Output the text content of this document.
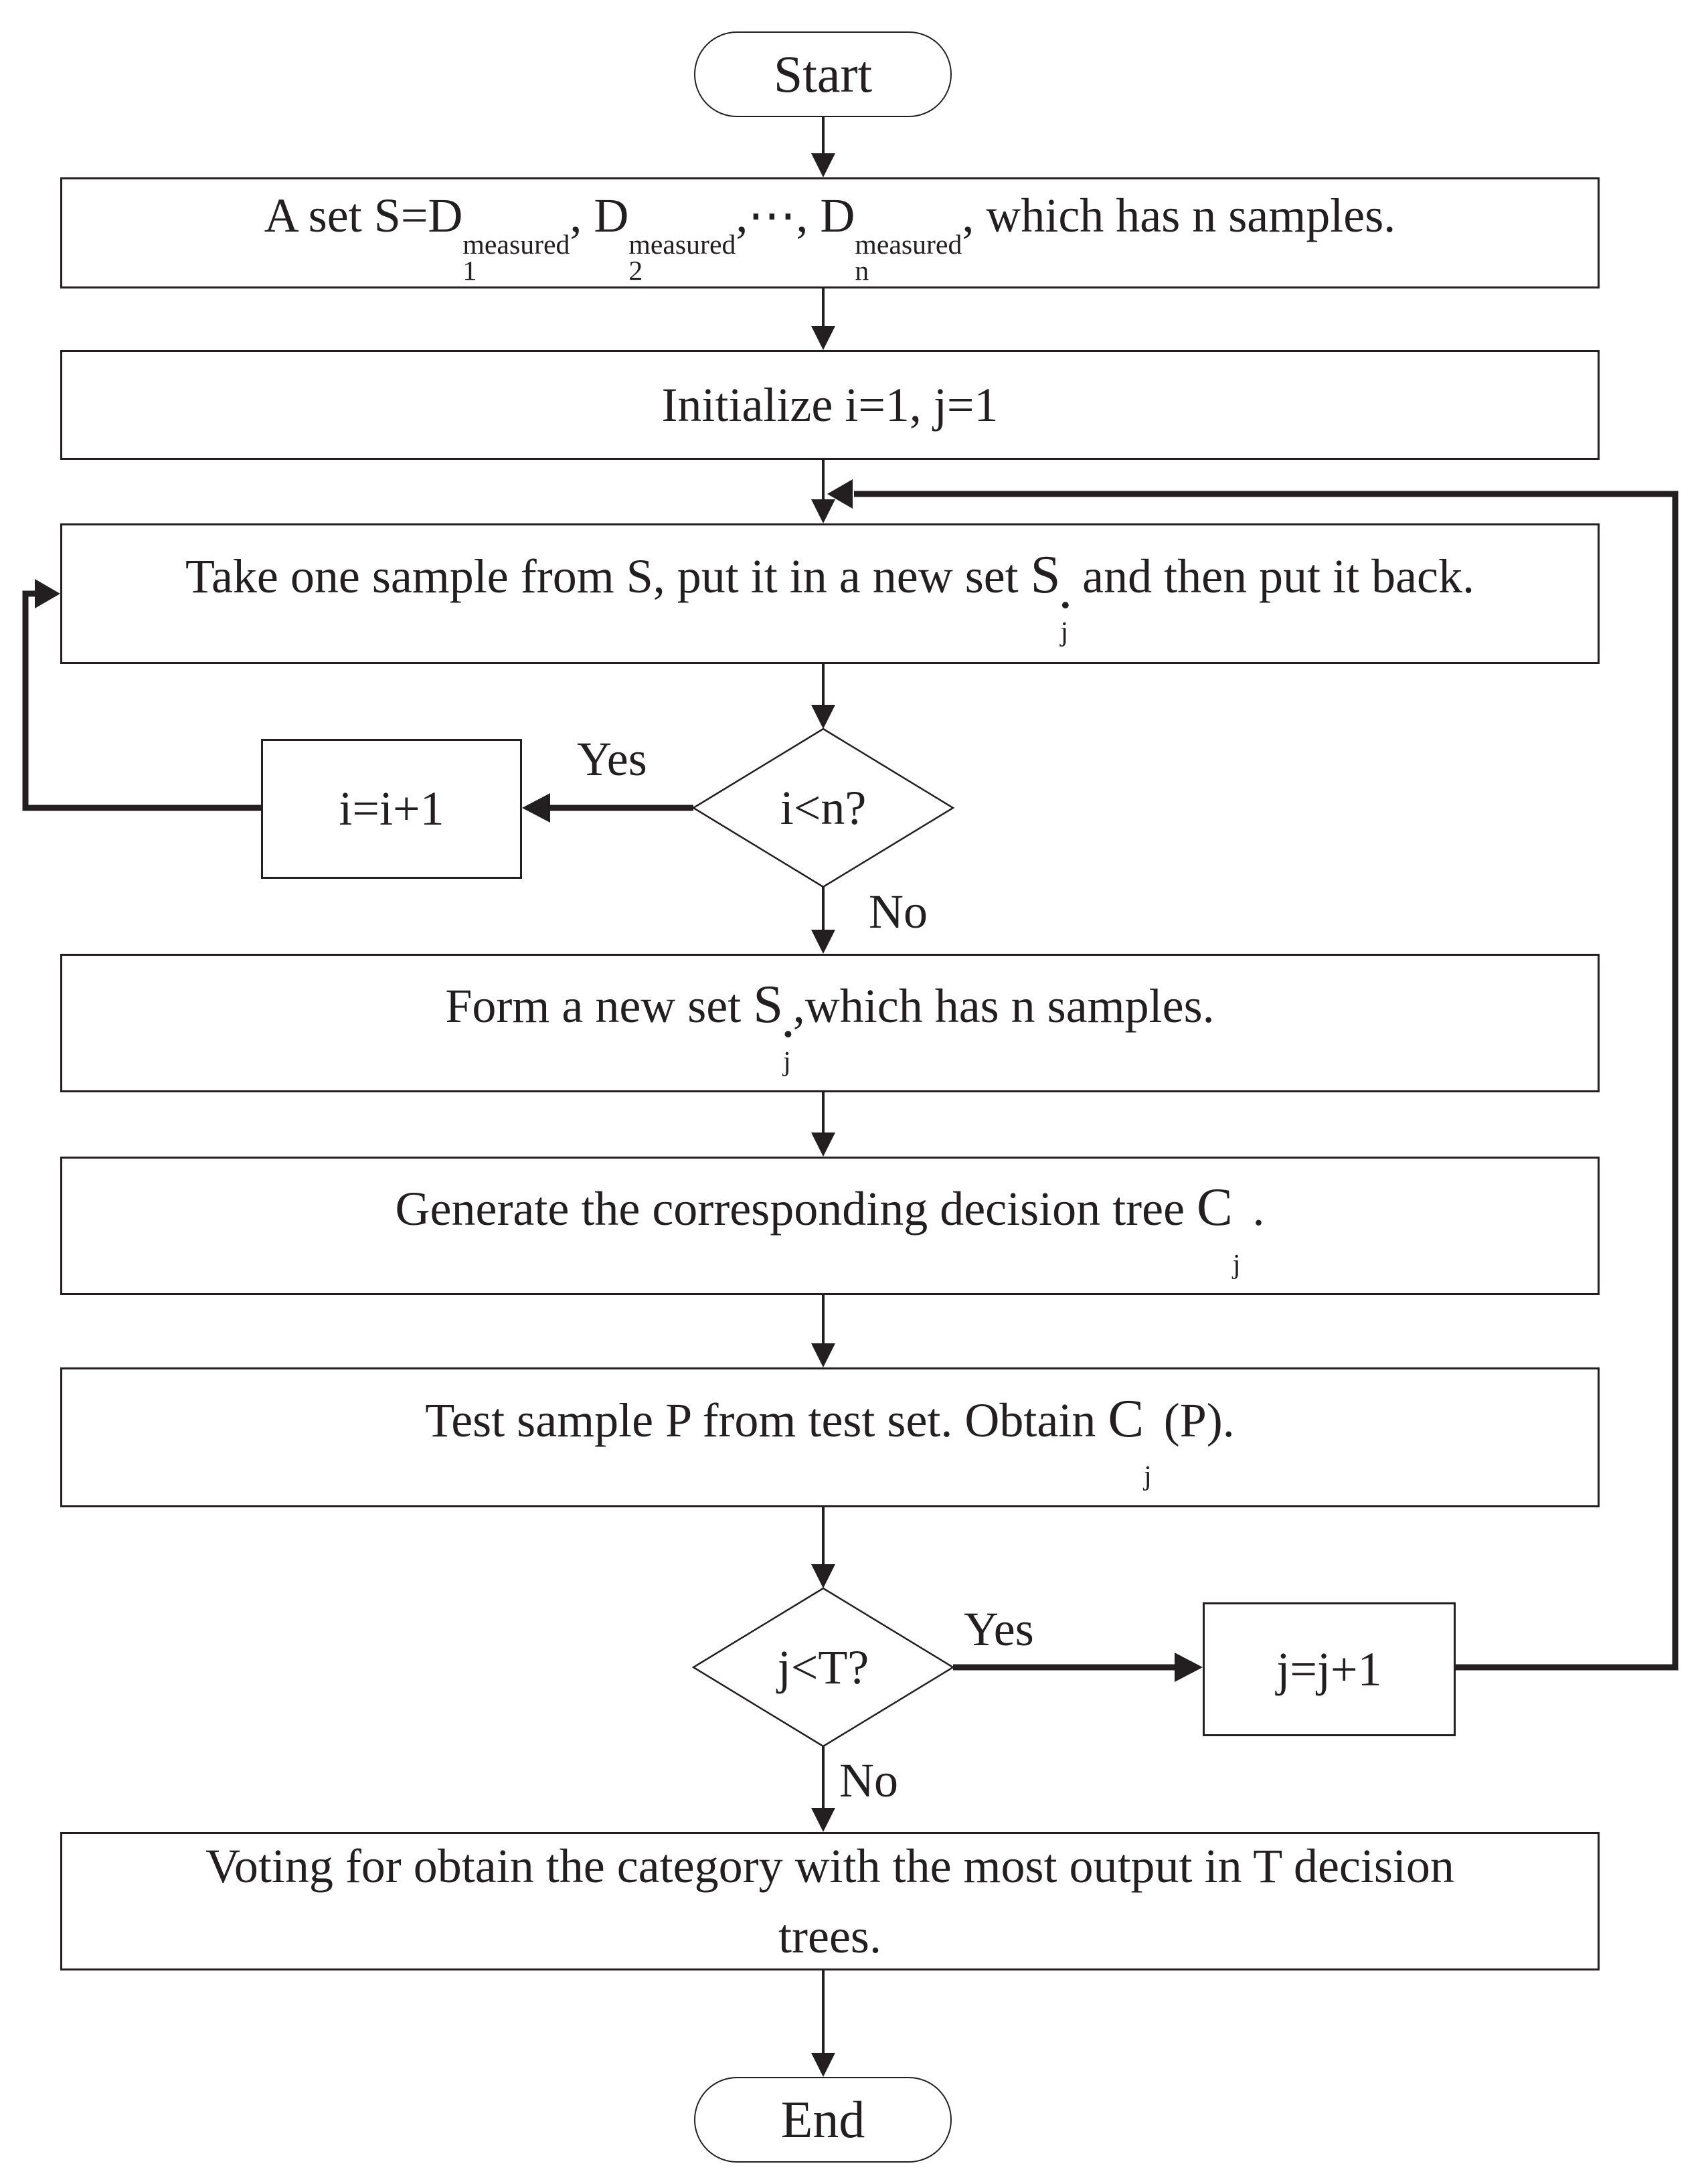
Start
A set S=D
measured
1
, D
measured
2
,⋯, D
measured
n
, which has n samples.
Initialize i=1, j=1
Take one sample from S, put it in a new set S
•
j
and then put it back.
i=i+1	i<n?
Form a new set S
•
j
,which has n samples.
Generate the corresponding decision tree C

j
.
Test sample P from test set. Obtain C

j
(P).
j<T?	j=j+1
Voting for obtain the category with the most output in T decision
trees.
End
Yes
No
Yes
No
